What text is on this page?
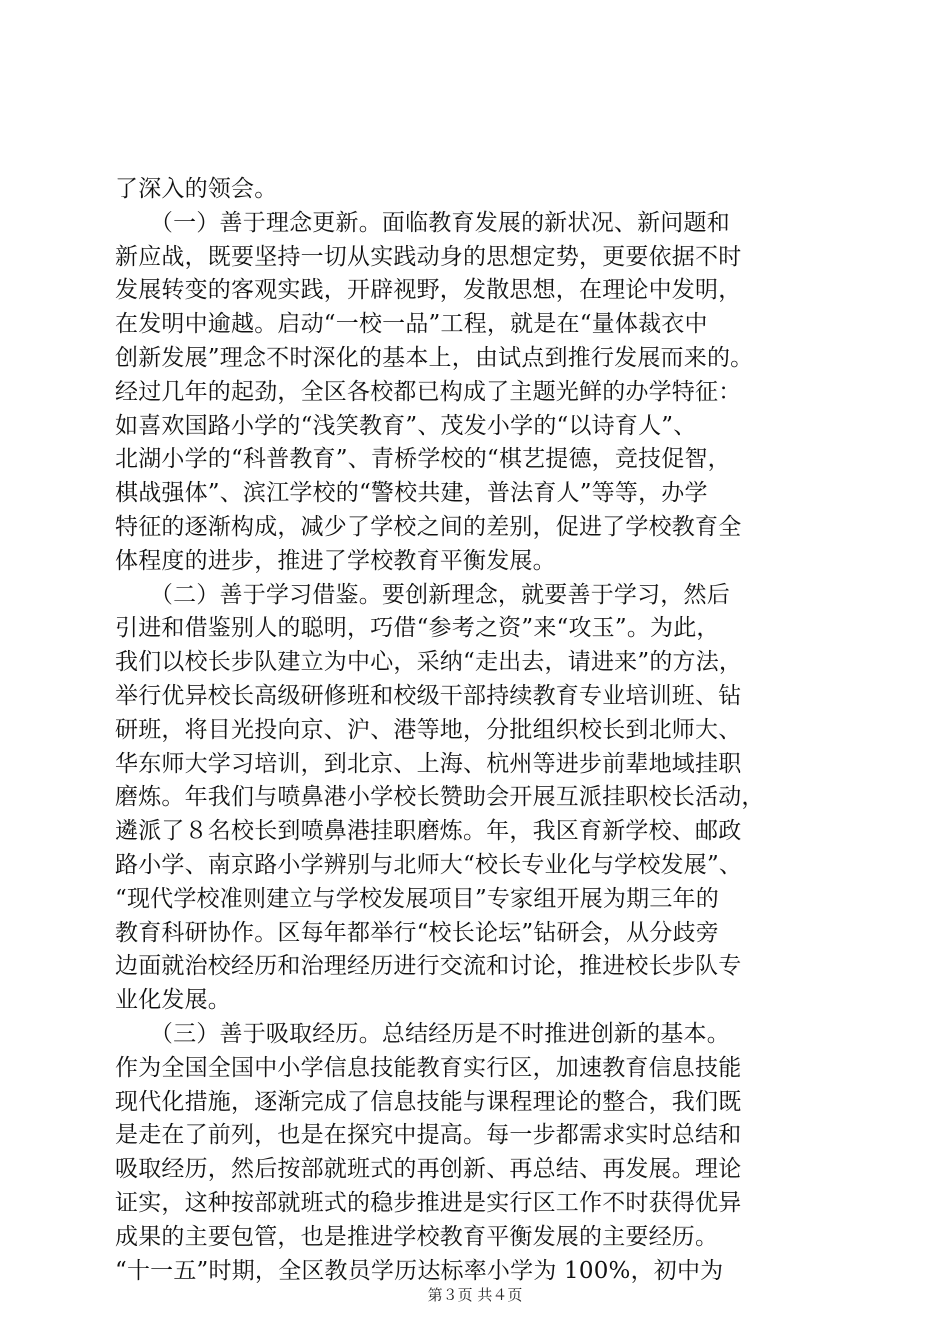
了深入的领会。
　　（一）善于理念更新。面临教育发展的新状况、新问题和
新应战，既要坚持一切从实践动身的思想定势，更要依据不时
发展转变的客观实践，开辟视野，发散思想，在理论中发明，
在发明中逾越。启动“一校一品”工程，就是在“量体裁衣中
创新发展”理念不时深化的基本上，由试点到推行发展而来的。
经过几年的起劲，全区各校都已构成了主题光鲜的办学特征：
如喜欢国路小学的“浅笑教育”、茂发小学的“以诗育人”、
北湖小学的“科普教育”、青桥学校的“棋艺提德，竞技促智，
棋战强体”、滨江学校的“警校共建，普法育人”等等，办学
特征的逐渐构成，减少了学校之间的差别，促进了学校教育全
体程度的进步，推进了学校教育平衡发展。
　　（二）善于学习借鉴。要创新理念，就要善于学习，然后
引进和借鉴别人的聪明，巧借“参考之资”来“攻玉”。为此，
我们以校长步队建立为中心，采纳“走出去，请进来”的方法，
举行优异校长高级研修班和校级干部持续教育专业培训班、钻
研班，将目光投向京、沪、港等地，分批组织校长到北师大、
华东师大学习培训，到北京、上海、杭州等进步前辈地域挂职
磨炼。年我们与喷鼻港小学校长赞助会开展互派挂职校长活动，
遴派了８名校长到喷鼻港挂职磨炼。年，我区育新学校、邮政
路小学、南京路小学辨别与北师大“校长专业化与学校发展”、
“现代学校准则建立与学校发展项目”专家组开展为期三年的
教育科研协作。区每年都举行“校长论坛”钻研会，从分歧旁
边面就治校经历和治理经历进行交流和讨论，推进校长步队专
业化发展。
　　（三）善于吸取经历。总结经历是不时推进创新的基本。
作为全国全国中小学信息技能教育实行区，加速教育信息技能
现代化措施，逐渐完成了信息技能与课程理论的整合，我们既
是走在了前列，也是在探究中提高。每一步都需求实时总结和
吸取经历，然后按部就班式的再创新、再总结、再发展。理论
证实，这种按部就班式的稳步推进是实行区工作不时获得优异
成果的主要包管，也是推进学校教育平衡发展的主要经历。
“十一五”时期，全区教员学历达标率小学为 100%，初中为
第３页 共４页
